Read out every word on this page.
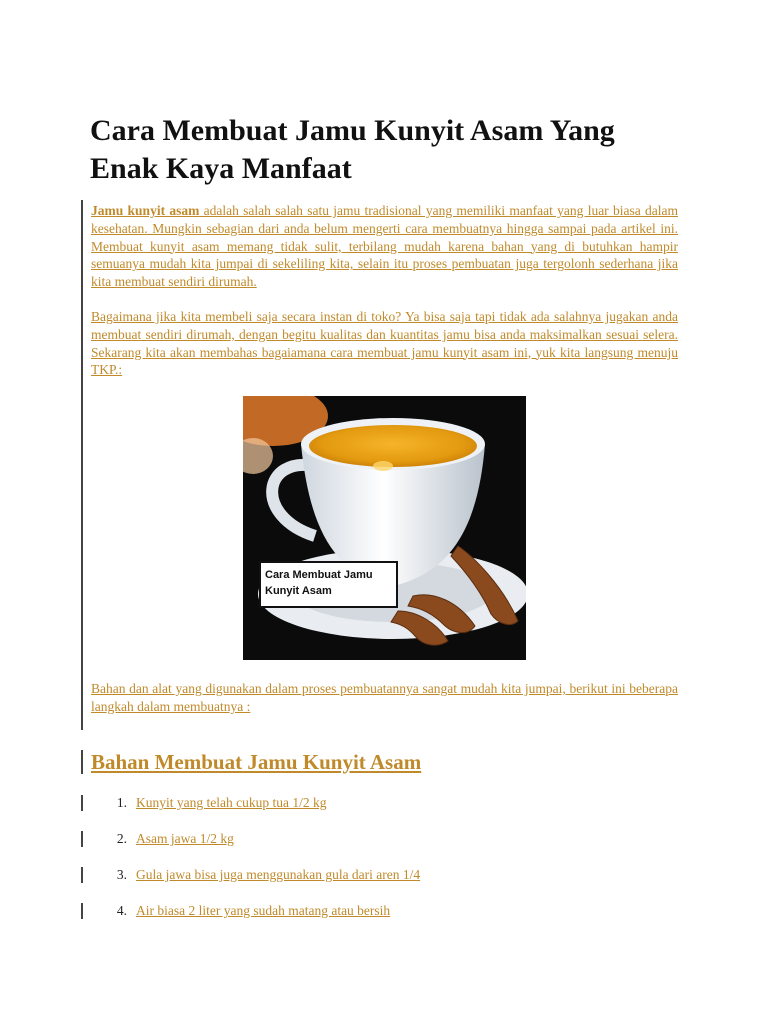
Cara Membuat Jamu Kunyit Asam Yang Enak Kaya Manfaat

Jamu kunyit asam adalah salah salah satu jamu tradisional yang memiliki manfaat yang luar biasa dalam kesehatan. Mungkin sebagian dari anda belum mengerti cara membuatnya hingga sampai pada artikel ini. Membuat kunyit asam memang tidak sulit, terbilang mudah karena bahan yang di butuhkan hampir semuanya mudah kita jumpai di sekeliling kita, selain itu proses pembuatan juga tergolonh sederhana jika kita membuat sendiri dirumah.

Bagaimana jika kita membeli saja secara instan di toko? Ya bisa saja tapi tidak ada salahnya jugakan anda membuat sendiri dirumah, dengan begitu kualitas dan kuantitas jamu bisa anda maksimalkan sesuai selera. Sekarang kita akan membahas bagaiamana cara membuat jamu kunyit asam ini, yuk kita langsung menuju TKP.:

Cara Membuat Jamu
Kunyit Asam

Bahan dan alat yang digunakan dalam proses pembuatannya sangat mudah kita jumpai, berikut ini beberapa langkah dalam membuatnya :

Bahan Membuat Jamu Kunyit Asam
1. Kunyit yang telah cukup tua 1/2 kg
2. Asam jawa 1/2 kg
3. Gula jawa bisa juga menggunakan gula dari aren 1/4
4. Air biasa 2 liter yang sudah matang atau bersih
